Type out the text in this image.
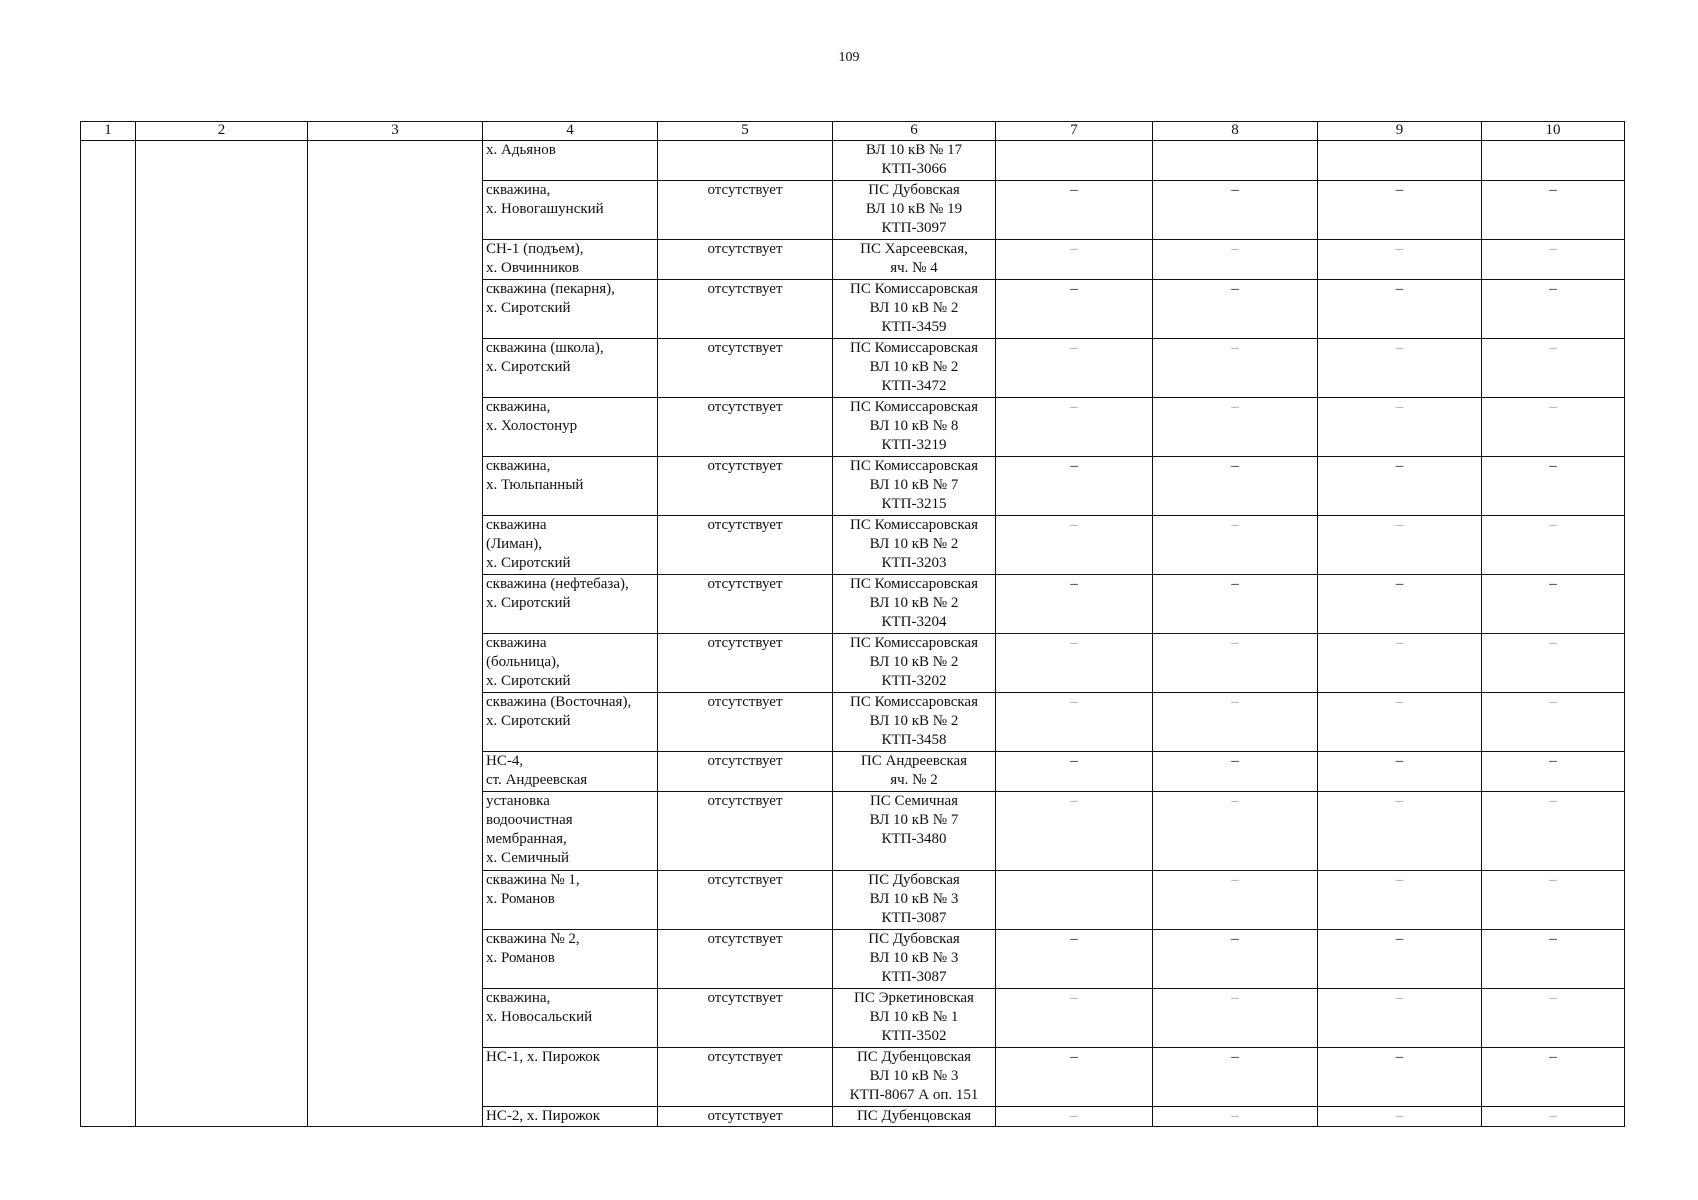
109
1	2	3	4	5	6	7	8	9	10

			х. Адьянов		ВЛ 10 кВ № 17
КТП-3066				

			скважина,
х. Новогашунский	отсутствует	ПС Дубовская
ВЛ 10 кВ № 19
КТП-3097	–	–	–	–

			СН-1 (подъем),
х. Овчинников	отсутствует	ПС Харсеевская,
яч. № 4	–	–	–	–

			скважина (пекарня),
х. Сиротский	отсутствует	ПС Комиссаровская
ВЛ 10 кВ № 2
КТП-3459	–	–	–	–

			скважина (школа),
х. Сиротский	отсутствует	ПС Комиссаровская
ВЛ 10 кВ № 2
КТП-3472	–	–	–	–

			скважина,
х. Холостонур	отсутствует	ПС Комиссаровская
ВЛ 10 кВ № 8
КТП-3219	–	–	–	–

			скважина,
х. Тюльпанный	отсутствует	ПС Комиссаровская
ВЛ 10 кВ № 7
КТП-3215	–	–	–	–

			скважина
(Лиман),
х. Сиротский	отсутствует	ПС Комиссаровская
ВЛ 10 кВ № 2
КТП-3203	–	–	–	–

			скважина (нефтебаза),
х. Сиротский	отсутствует	ПС Комиссаровская
ВЛ 10 кВ № 2
КТП-3204	–	–	–	–

			скважина
(больница),
х. Сиротский	отсутствует	ПС Комиссаровская
ВЛ 10 кВ № 2
КТП-3202	–	–	–	–

			скважина (Восточная),
х. Сиротский	отсутствует	ПС Комиссаровская
ВЛ 10 кВ № 2
КТП-3458	–	–	–	–

			НС-4,
ст. Андреевская	отсутствует	ПС Андреевская
яч. № 2	–	–	–	–

			установка
водоочистная
мембранная,
х. Семичный	отсутствует	ПС Семичная
ВЛ 10 кВ № 7
КТП-3480	–	–	–	–

			скважина № 1,
х. Романов	отсутствует	ПС Дубовская
ВЛ 10 кВ № 3
КТП-3087		–	–	–

			скважина № 2,
х. Романов	отсутствует	ПС Дубовская
ВЛ 10 кВ № 3
КТП-3087	–	–	–	–

			скважина,
х. Новосальский	отсутствует	ПС Эркетиновская
ВЛ 10 кВ № 1
КТП-3502	–	–	–	–

			НС-1, х. Пирожок	отсутствует	ПС Дубенцовская
ВЛ 10 кВ № 3
КТП-8067 А оп. 151	–	–	–	–

			НС-2, х. Пирожок	отсутствует	ПС Дубенцовская	–	–	–	–
